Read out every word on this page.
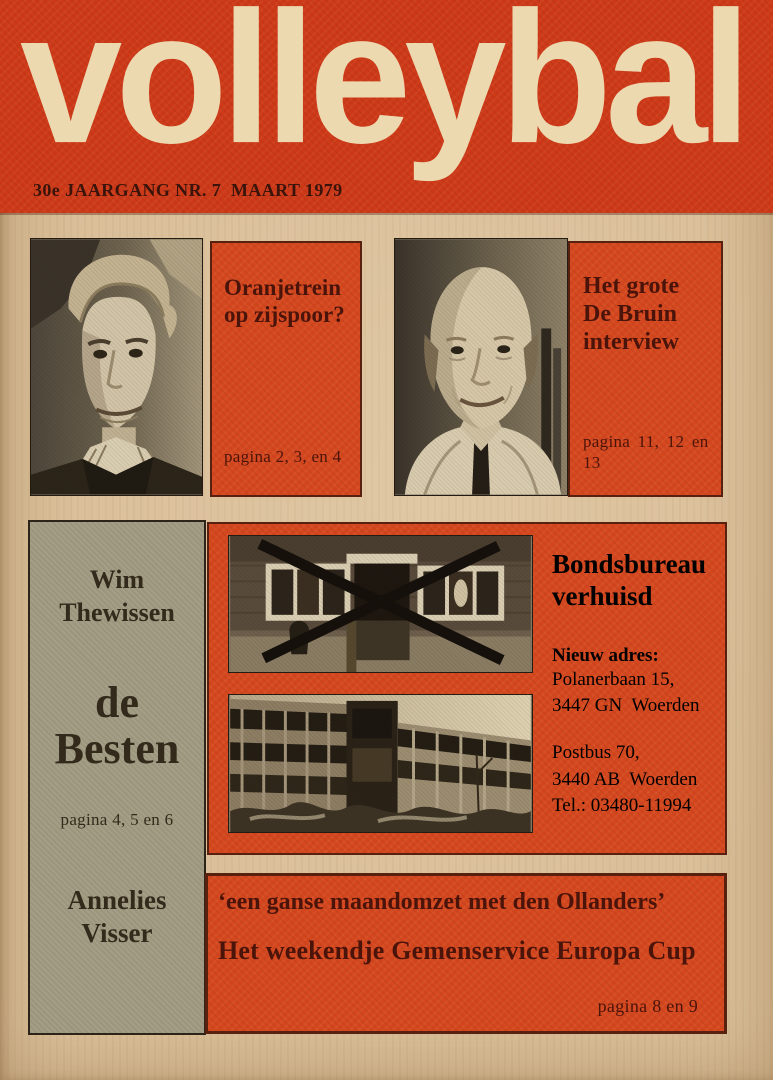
volleybal
30e JAARGANG NR. 7  MAART 1979
Oranjetrein
op zijspoor?
pagina 2, 3, en 4
Het grote
De Bruin
interview
pagina 11, 12 en 13
Wim
Thewissen
de
Besten
pagina 4, 5 en 6
Annelies
Visser
Bondsbureau
verhuisd
Nieuw adres:
Polanerbaan 15,
3447 GN  Woerden
Postbus 70,
3440 AB  Woerden
Tel.: 03480-11994
‘een ganse maandomzet met den Ollanders’
Het weekendje Gemenservice Europa Cup
pagina 8 en 9
